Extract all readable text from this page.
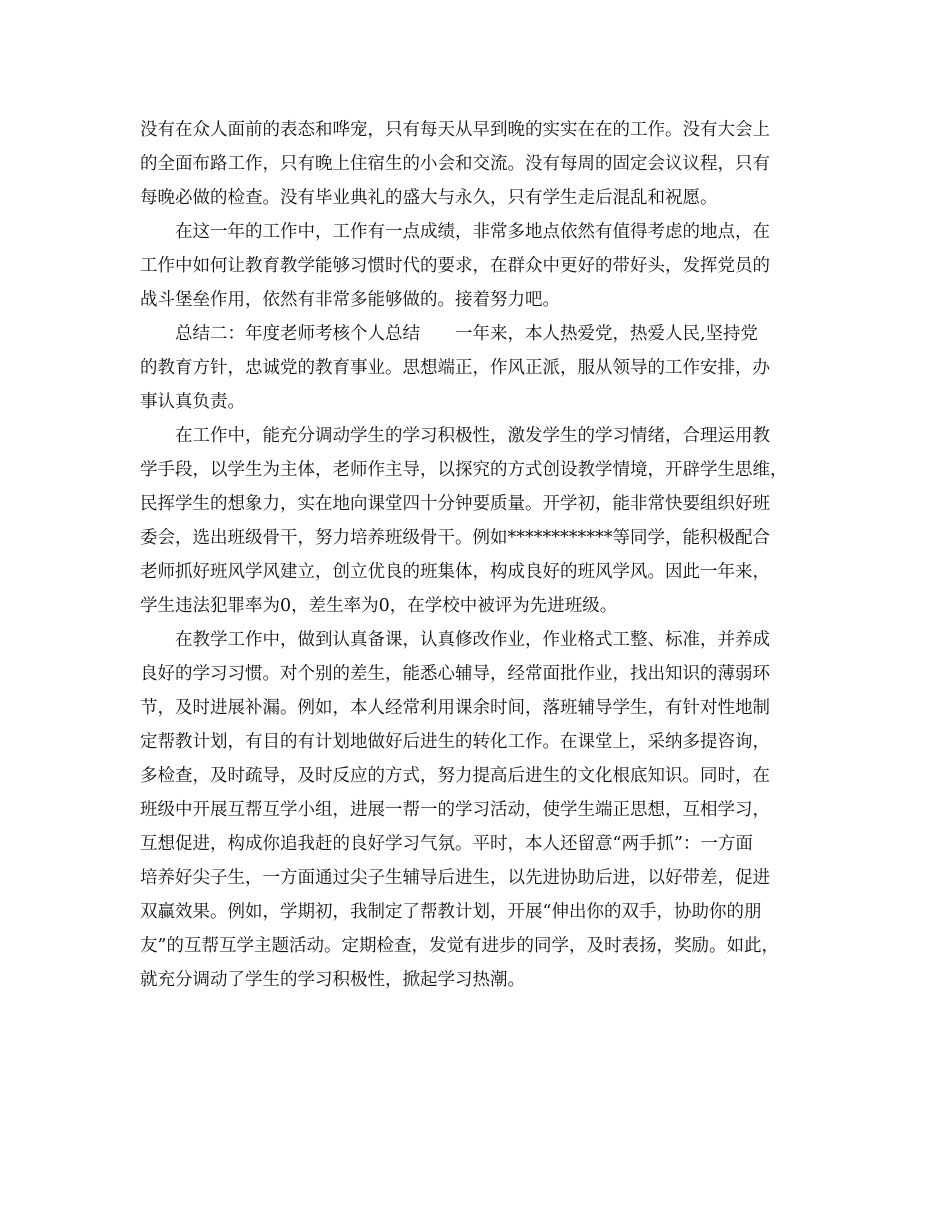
没有在众人面前的表态和哗宠，只有每天从早到晚的实实在在的工作。没有大会上
的全面布路工作，只有晚上住宿生的小会和交流。没有每周的固定会议议程，只有
每晚必做的检查。没有毕业典礼的盛大与永久，只有学生走后混乱和祝愿。
　　在这一年的工作中，工作有一点成绩，非常多地点依然有值得考虑的地点，在
工作中如何让教育教学能够习惯时代的要求，在群众中更好的带好头，发挥党员的
战斗堡垒作用，依然有非常多能够做的。接着努力吧。
　　总结二：年度老师考核个人总结　　一年来，本人热爱党，热爱人民,坚持党
的教育方针，忠诚党的教育事业。思想端正，作风正派，服从领导的工作安排，办
事认真负责。
　　在工作中，能充分调动学生的学习积极性，激发学生的学习情绪，合理运用教
学手段，以学生为主体，老师作主导，以探究的方式创设教学情境，开辟学生思维，
民挥学生的想象力，实在地向课堂四十分钟要质量。开学初，能非常快要组织好班
委会，选出班级骨干，努力培养班级骨干。例如************等同学，能积极配合
老师抓好班风学风建立，创立优良的班集体，构成良好的班风学风。因此一年来，
学生违法犯罪率为0，差生率为0，在学校中被评为先进班级。
　　在教学工作中，做到认真备课，认真修改作业，作业格式工整、标准，并养成
良好的学习习惯。对个别的差生，能悉心辅导，经常面批作业，找出知识的薄弱环
节，及时进展补漏。例如，本人经常利用课余时间，落班辅导学生，有针对性地制
定帮教计划，有目的有计划地做好后进生的转化工作。在课堂上，采纳多提咨询，
多检查，及时疏导，及时反应的方式，努力提高后进生的文化根底知识。同时，在
班级中开展互帮互学小组，进展一帮一的学习活动，使学生端正思想，互相学习，
互想促进，构成你追我赶的良好学习气氛。平时，本人还留意“两手抓”：一方面
培养好尖子生，一方面通过尖子生辅导后进生，以先进协助后进，以好带差，促进
双赢效果。例如，学期初，我制定了帮教计划，开展“伸出你的双手，协助你的朋
友”的互帮互学主题活动。定期检查，发觉有进步的同学，及时表扬，奖励。如此，
就充分调动了学生的学习积极性，掀起学习热潮。
